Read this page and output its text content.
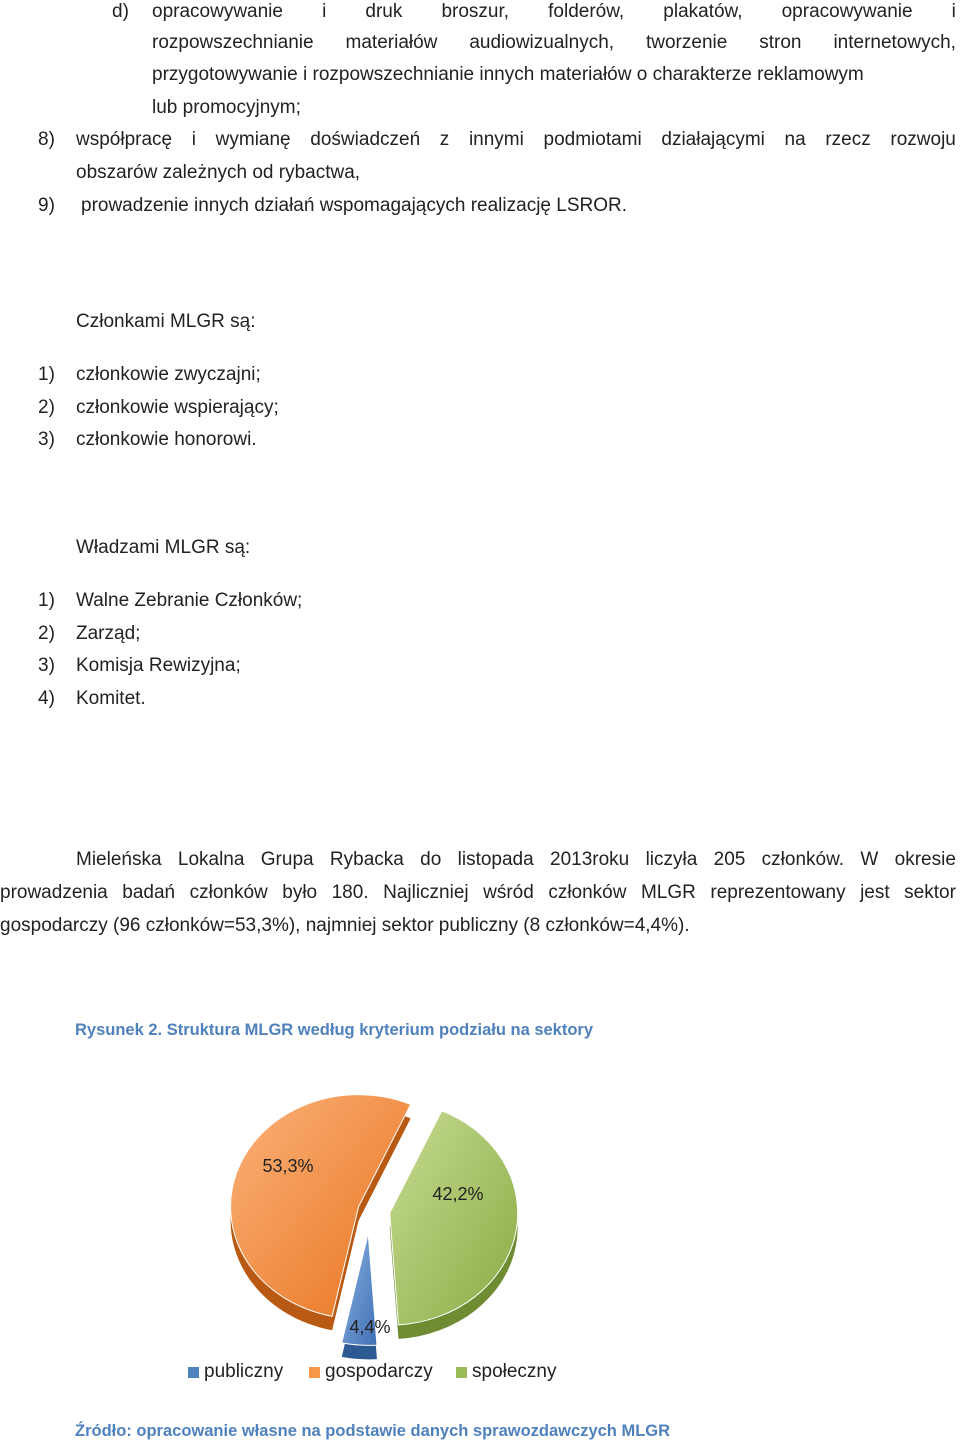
d) opracowywanie i druk broszur, folderów, plakatów, opracowywanie i
rozpowszechnianie materiałów audiowizualnych, tworzenie stron internetowych,
przygotowywanie i rozpowszechnianie innych materiałów o charakterze reklamowym
lub promocyjnym;
8) współpracę i wymianę doświadczeń z innymi podmiotami działającymi na rzecz rozwoju
obszarów zależnych od rybactwa,
9) prowadzenie innych działań wspomagających realizację LSROR.
Członkami MLGR są:
1) członkowie zwyczajni;
2) członkowie wspierający;
3) członkowie honorowi.
Władzami MLGR są:
1) Walne Zebranie Członków;
2) Zarząd;
3) Komisja Rewizyjna;
4) Komitet.
Mieleńska Lokalna Grupa Rybacka do listopada 2013roku liczyła 205 członków. W okresie
prowadzenia badań członków było 180. Najliczniej wśród członków MLGR reprezentowany jest sektor
gospodarczy (96 członków=53,3%), najmniej sektor publiczny (8 członków=4,4%).
Rysunek 2. Struktura MLGR według kryterium podziału na sektory
4,4%
53,3%
42,2%
publiczny gospodarczy społeczny
Źródło: opracowanie własne na podstawie danych sprawozdawczych MLGR
